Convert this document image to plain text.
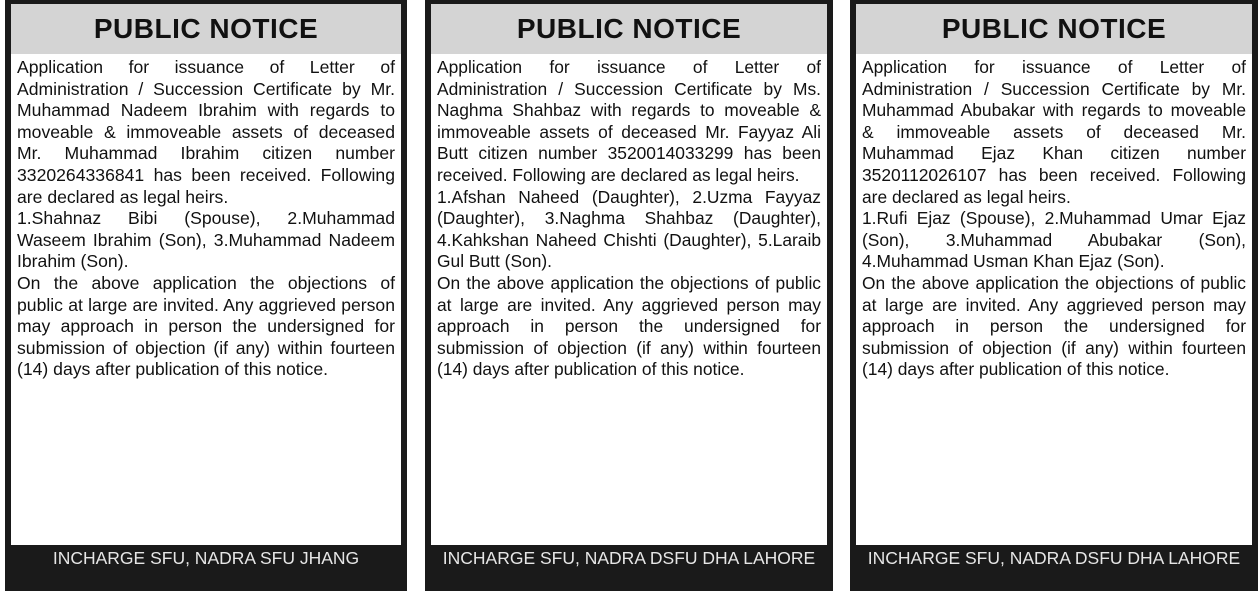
PUBLIC NOTICE

Application for issuance of Letter of Administration / Succession Certificate by Mr. Muhammad Nadeem Ibrahim with regards to moveable & immoveable assets of deceased Mr. Muhammad Ibrahim citizen number 3320264336841 has been received. Following are declared as legal heirs.

1.Shahnaz Bibi (Spouse), 2.Muhammad Waseem Ibrahim (Son), 3.Muhammad Nadeem Ibrahim (Son).

On the above application the objections of public at large are invited. Any aggrieved person may approach in person the undersigned for submission of objection (if any) within fourteen (14) days after publication of this notice.

INCHARGE SFU, NADRA SFU JHANG
PUBLIC NOTICE

Application for issuance of Letter of Administration / Succession Certificate by Ms. Naghma Shahbaz with regards to moveable & immoveable assets of deceased Mr. Fayyaz Ali Butt citizen number 3520014033299 has been received. Following are declared as legal heirs.

1.Afshan Naheed (Daughter), 2.Uzma Fayyaz (Daughter), 3.Naghma Shahbaz (Daughter), 4.Kahkshan Naheed Chishti (Daughter), 5.Laraib Gul Butt (Son).

On the above application the objections of public at large are invited. Any aggrieved person may approach in person the undersigned for submission of objection (if any) within fourteen (14) days after publication of this notice.

INCHARGE SFU, NADRA DSFU DHA LAHORE
PUBLIC NOTICE

Application for issuance of Letter of Administration / Succession Certificate by Mr. Muhammad Abubakar with regards to moveable & immoveable assets of deceased Mr. Muhammad Ejaz Khan citizen number 3520112026107 has been received. Following are declared as legal heirs.

1.Rufi Ejaz (Spouse), 2.Muhammad Umar Ejaz (Son), 3.Muhammad Abubakar (Son), 4.Muhammad Usman Khan Ejaz (Son).

On the above application the objections of public at large are invited. Any aggrieved person may approach in person the undersigned for submission of objection (if any) within fourteen (14) days after publication of this notice.

INCHARGE SFU, NADRA DSFU DHA LAHORE
